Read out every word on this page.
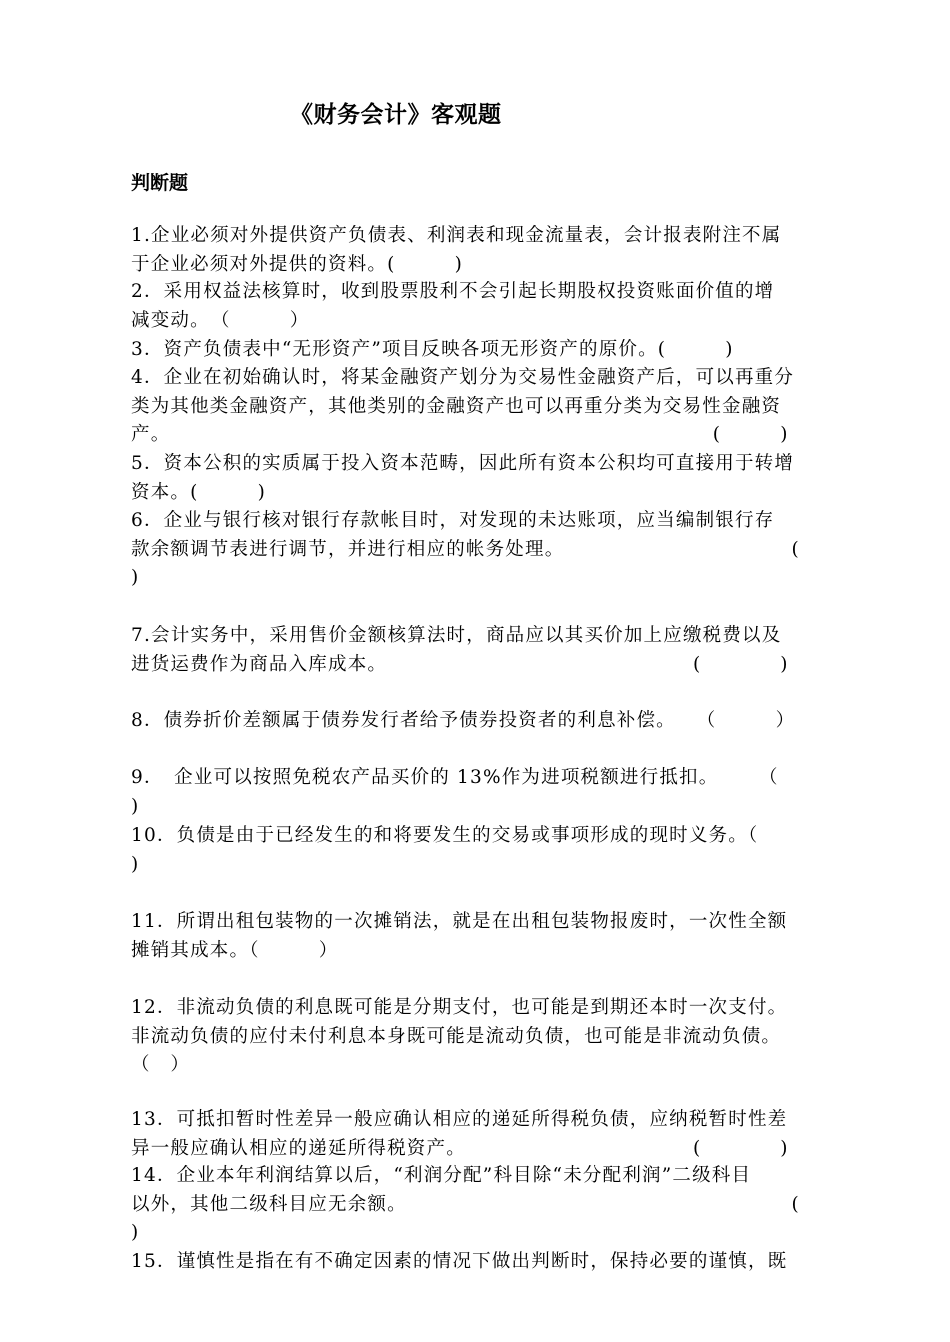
《财务会计》客观题
判断题
1.企业必须对外提供资产负债表、利润表和现金流量表，会计报表附注不属
于企业必须对外提供的资料。(　　　)
2．采用权益法核算时，收到股票股利不会引起长期股权投资账面价值的增
减变动。　（　　　）
3．资产负债表中“无形资产”项目反映各项无形资产的原价。(　　　)
4．企业在初始确认时，将某金融资产划分为交易性金融资产后，可以再重分
类为其他类金融资产，其他类别的金融资产也可以再重分类为交易性金融资
产。　　　　　　　　　　　　　　　　　　　　　　　　　　　　(　　　)
5．资本公积的实质属于投入资本范畴，因此所有资本公积均可直接用于转增
资本。(　　　)
6．企业与银行核对银行存款帐目时，对发现的未达账项，应当编制银行存
款余额调节表进行调节，并进行相应的帐务处理。　　　　　　　　　　　　(
)
7.会计实务中，采用售价金额核算法时，商品应以其买价加上应缴税费以及
进货运费作为商品入库成本。　　　　　　　　　　　　　　　　(　　　　)
8．债券折价差额属于债券发行者给予债券投资者的利息补偿。　　（　　　）
9．　企业可以按照免税农产品买价的 13%作为进项税额进行抵扣。　　　（
)
10．负债是由于已经发生的和将要发生的交易或事项形成的现时义务。（
)
11．所谓出租包装物的一次摊销法，就是在出租包装物报废时，一次性全额
摊销其成本。（　　　）
12．非流动负债的利息既可能是分期支付，也可能是到期还本时一次支付。
非流动负债的应付未付利息本身既可能是流动负债，也可能是非流动负债。
（　）
13．可抵扣暂时性差异一般应确认相应的递延所得税负债，应纳税暂时性差
异一般应确认相应的递延所得税资产。　　　　　　　　　　　　(　　　　)
14．企业本年利润结算以后，“利润分配”科目除“未分配利润”二级科目
以外，其他二级科目应无余额。　　　　　　　　　　　　　　　　　　　　(
)
15．谨慎性是指在有不确定因素的情况下做出判断时，保持必要的谨慎，既
